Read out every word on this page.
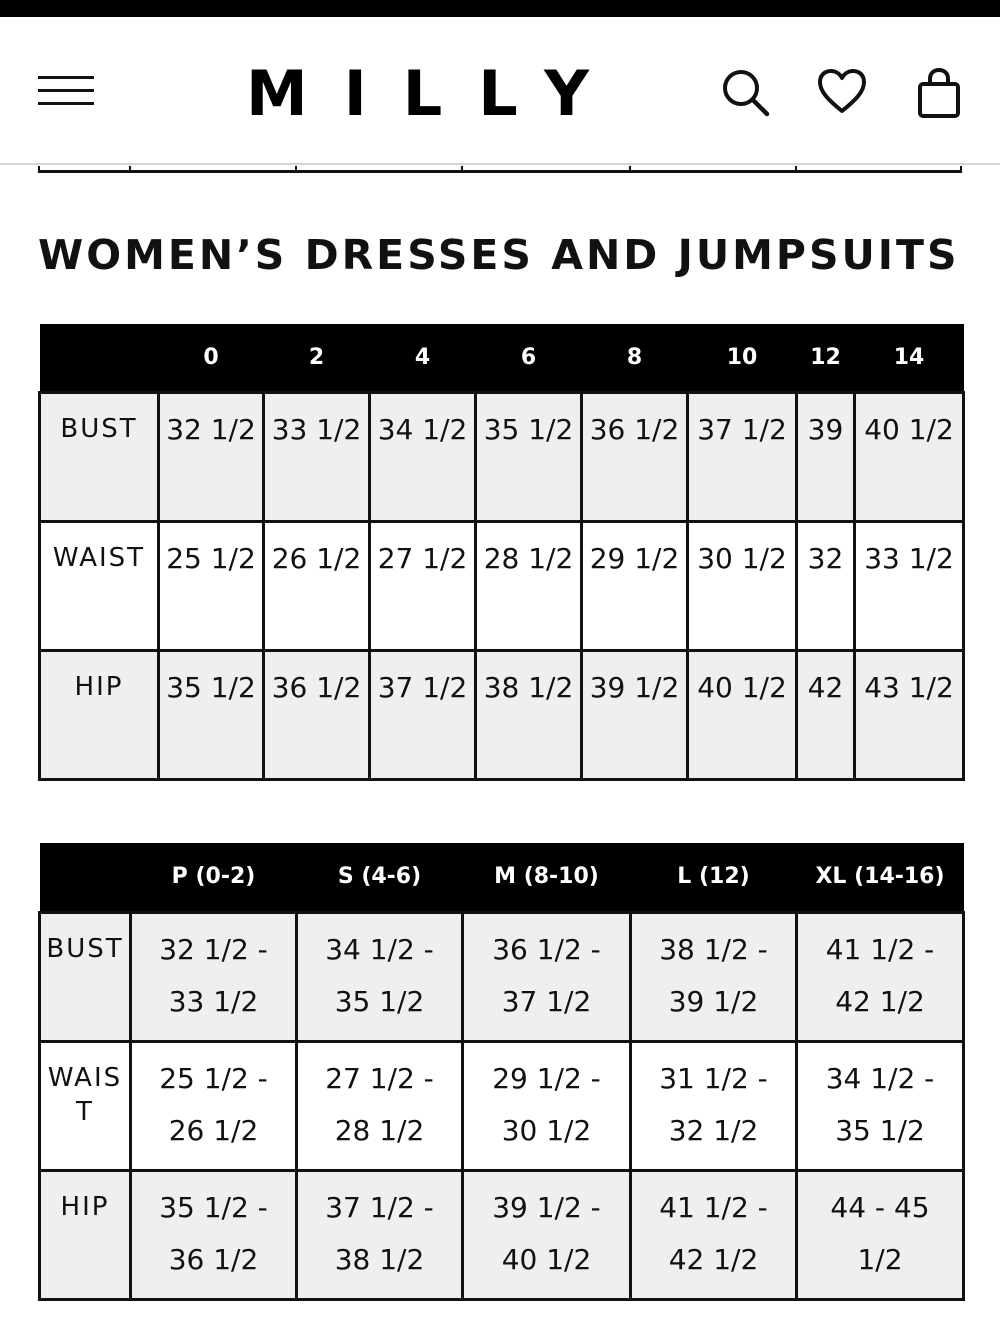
MILLY
WOMEN’S DRESSES AND JUMPSUITS
	0	2	4	6	8	10	12	14
BUST	32 1/2	33 1/2	34 1/2	35 1/2	36 1/2	37 1/2	39	40 1/2
WAIST	25 1/2	26 1/2	27 1/2	28 1/2	29 1/2	30 1/2	32	33 1/2
HIP	35 1/2	36 1/2	37 1/2	38 1/2	39 1/2	40 1/2	42	43 1/2
	P (0-2)	S (4-6)	M (8-10)	L (12)	XL (14-16)
BUST	32 1/2 - 33 1/2	34 1/2 - 35 1/2	36 1/2 - 37 1/2	38 1/2 - 39 1/2	41 1/2 - 42 1/2
WAIST	25 1/2 - 26 1/2	27 1/2 - 28 1/2	29 1/2 - 30 1/2	31 1/2 - 32 1/2	34 1/2 - 35 1/2
HIP	35 1/2 - 36 1/2	37 1/2 - 38 1/2	39 1/2 - 40 1/2	41 1/2 - 42 1/2	44 - 45 1/2
